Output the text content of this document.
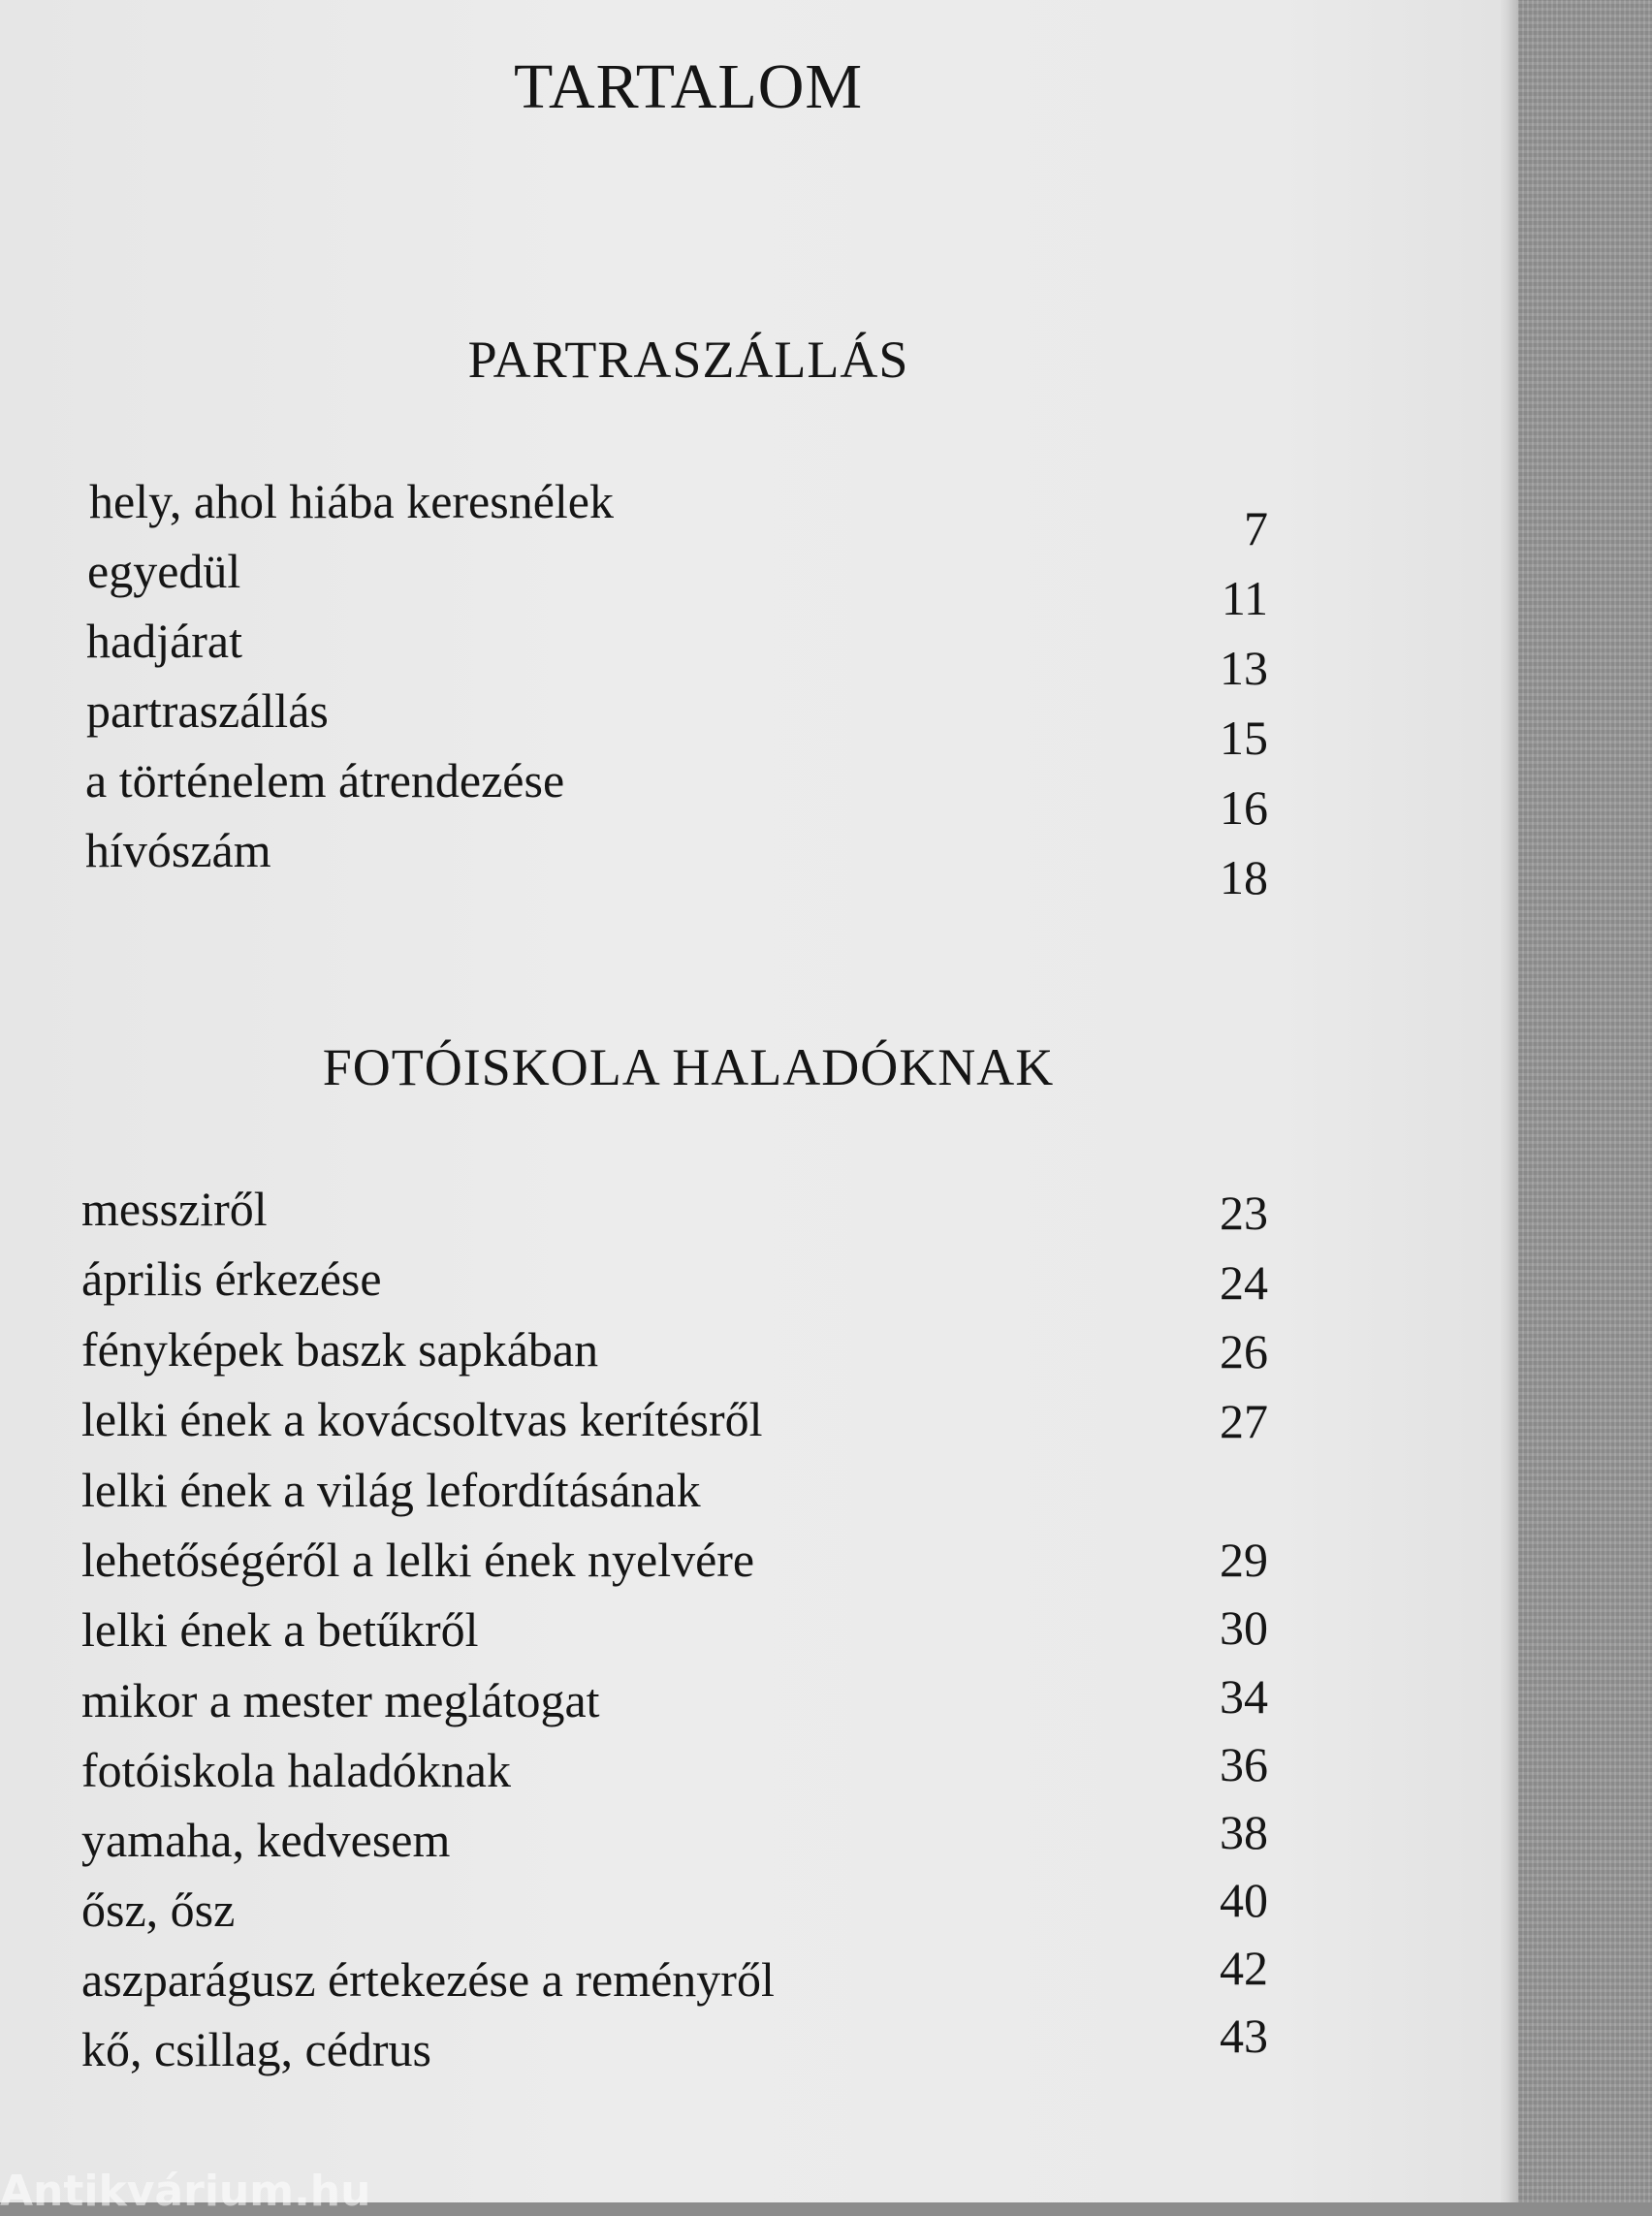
TARTALOM
PARTRASZÁLLÁS
hely, ahol hiába keresnélek	7
egyedül	11
hadjárat	13
partraszállás	15
a történelem átrendezése	16
hívószám	18
FOTÓISKOLA HALADÓKNAK
messziről	23
április érkezése	24
fényképek baszk sapkában	26
lelki ének a kovácsoltvas kerítésről	27
lelki ének a világ lefordításának
lehetőségéről a lelki ének nyelvére	29
lelki ének a betűkről	30
mikor a mester meglátogat	34
fotóiskola haladóknak	36
yamaha, kedvesem	38
ősz, ősz	40
aszparágusz értekezése a reményről	42
kő, csillag, cédrus	43
Antikvárium.hu
